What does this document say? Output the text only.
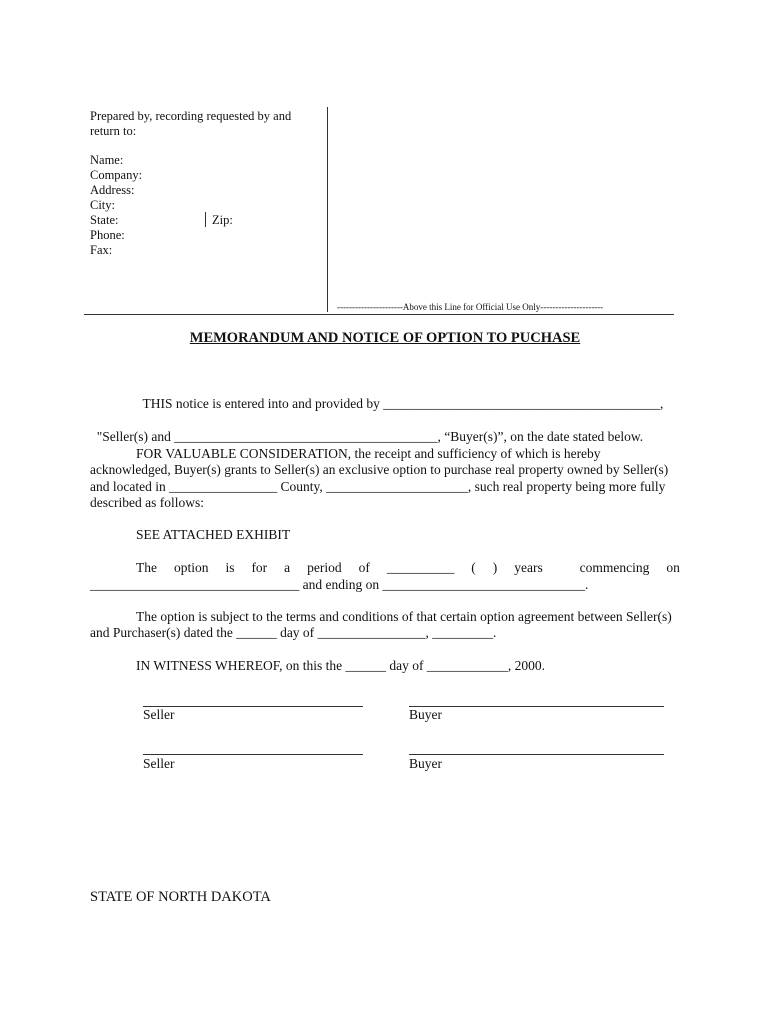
Prepared by, recording requested by and
return to:
Name:
Company:
Address:
City:
State:	Zip:
Phone:
Fax:
----------------------Above this Line for Official Use Only---------------------
MEMORANDUM AND NOTICE OF OPTION TO PUCHASE

THIS notice is entered into and provided by _________________________________________,

"Seller(s) and _______________________________________, “Buyer(s)”, on the date stated below.

FOR VALUABLE CONSIDERATION, the receipt and sufficiency of which is hereby
acknowledged, Buyer(s) grants to Seller(s) an exclusive option to purchase real property owned by Seller(s)
and located in ________________ County, _____________________, such real property being more fully
described as follows:
SEE ATTACHED EXHIBIT
The option is for a period of __________ ( ) years	commencing on
_______________________________ and ending on ______________________________.
The option is subject to the terms and conditions of that certain option agreement between Seller(s)
and Purchaser(s) dated the ______ day of ________________, _________.
IN WITNESS WHEREOF, on this the ______ day of ____________, 2000.
Seller	Buyer
Seller	Buyer
STATE OF NORTH DAKOTA
